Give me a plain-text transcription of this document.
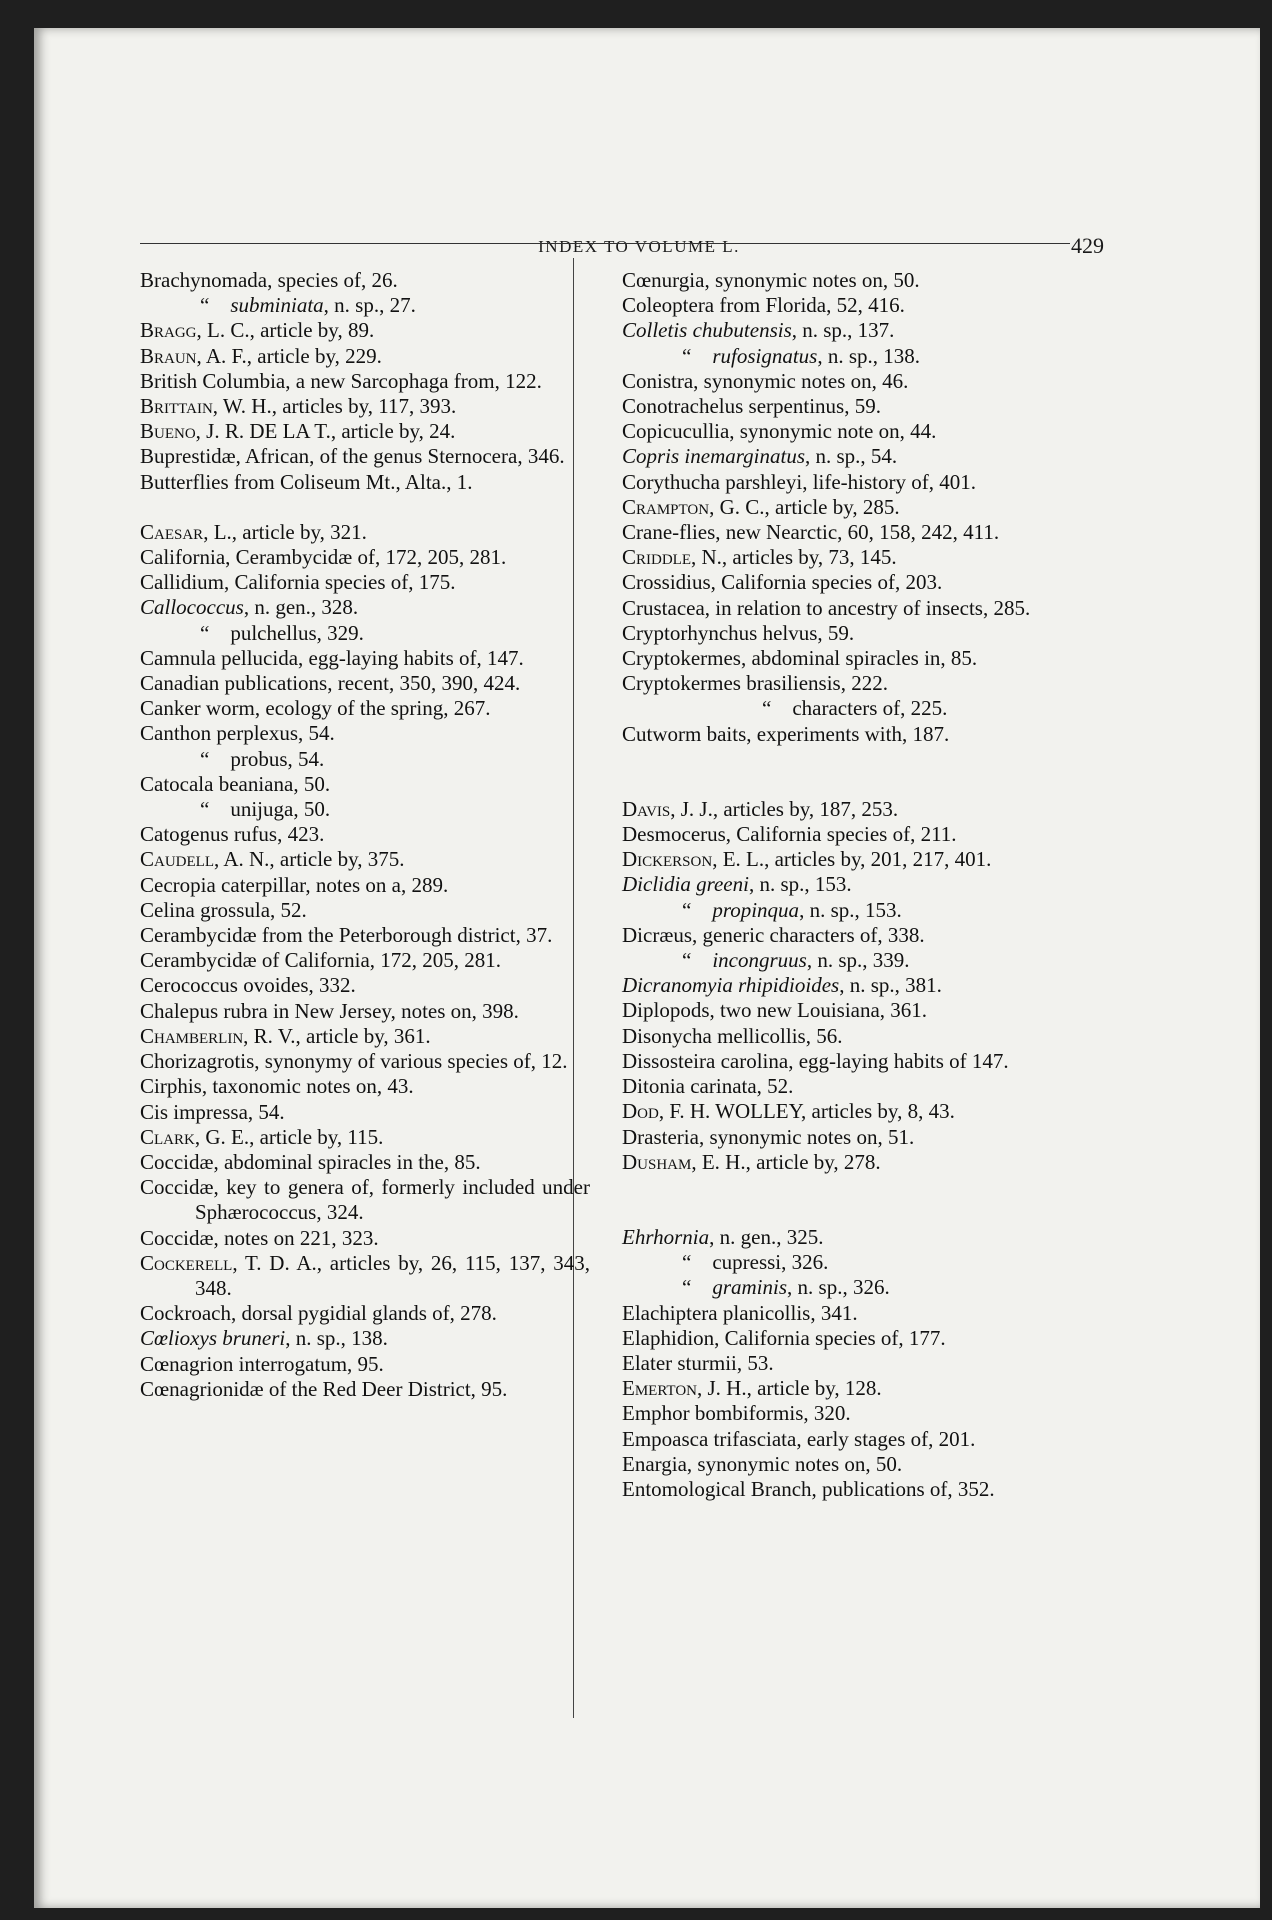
INDEX TO VOLUME L.	429
Brachynomada, species of, 26.
“ subminiata, n. sp., 27.
Bragg, L. C., article by, 89.
Braun, A. F., article by, 229.
British Columbia, a new Sarcophaga from, 122.
Brittain, W. H., articles by, 117, 393.
Bueno, J. R. DE LA T., article by, 24.
Buprestidæ, African, of the genus Sternocera, 346.
Butterflies from Coliseum Mt., Alta., 1.
Caesar, L., article by, 321.
California, Cerambycidæ of, 172, 205, 281.
Callidium, California species of, 175.
Callococcus, n. gen., 328.
“ pulchellus, 329.
Camnula pellucida, egg-laying habits of, 147.
Canadian publications, recent, 350, 390, 424.
Canker worm, ecology of the spring, 267.
Canthon perplexus, 54.
“ probus, 54.
Catocala beaniana, 50.
“ unijuga, 50.
Catogenus rufus, 423.
Caudell, A. N., article by, 375.
Cecropia caterpillar, notes on a, 289.
Celina grossula, 52.
Cerambycidæ from the Peterborough district, 37.
Cerambycidæ of California, 172, 205, 281.
Cerococcus ovoides, 332.
Chalepus rubra in New Jersey, notes on, 398.
Chamberlin, R. V., article by, 361.
Chorizagrotis, synonymy of various species of, 12.
Cirphis, taxonomic notes on, 43.
Cis impressa, 54.
Clark, G. E., article by, 115.
Coccidæ, abdominal spiracles in the, 85.
Coccidæ, key to genera of, formerly included under Sphærococcus, 324.
Coccidæ, notes on 221, 323.
Cockerell, T. D. A., articles by, 26, 115, 137, 343, 348.
Cockroach, dorsal pygidial glands of, 278.
Cœlioxys bruneri, n. sp., 138.
Cœnagrion interrogatum, 95.
Cœnagrionidæ of the Red Deer District, 95.
Cœnurgia, synonymic notes on, 50.
Coleoptera from Florida, 52, 416.
Colletis chubutensis, n. sp., 137.
“ rufosignatus, n. sp., 138.
Conistra, synonymic notes on, 46.
Conotrachelus serpentinus, 59.
Copicucullia, synonymic note on, 44.
Copris inemarginatus, n. sp., 54.
Corythucha parshleyi, life-history of, 401.
Crampton, G. C., article by, 285.
Crane-flies, new Nearctic, 60, 158, 242, 411.
Criddle, N., articles by, 73, 145.
Crossidius, California species of, 203.
Crustacea, in relation to ancestry of insects, 285.
Cryptorhynchus helvus, 59.
Cryptokermes, abdominal spiracles in, 85.
Cryptokermes brasiliensis, 222.
“ characters of, 225.
Cutworm baits, experiments with, 187.
Davis, J. J., articles by, 187, 253.
Desmocerus, California species of, 211.
Dickerson, E. L., articles by, 201, 217, 401.
Diclidia greeni, n. sp., 153.
“ propinqua, n. sp., 153.
Dicræus, generic characters of, 338.
“ incongruus, n. sp., 339.
Dicranomyia rhipidioides, n. sp., 381.
Diplopods, two new Louisiana, 361.
Disonycha mellicollis, 56.
Dissosteira carolina, egg-laying habits of 147.
Ditonia carinata, 52.
Dod, F. H. WOLLEY, articles by, 8, 43.
Drasteria, synonymic notes on, 51.
Dusham, E. H., article by, 278.
Ehrhornia, n. gen., 325.
“ cupressi, 326.
“ graminis, n. sp., 326.
Elachiptera planicollis, 341.
Elaphidion, California species of, 177.
Elater sturmii, 53.
Emerton, J. H., article by, 128.
Emphor bombiformis, 320.
Empoasca trifasciata, early stages of, 201.
Enargia, synonymic notes on, 50.
Entomological Branch, publications of, 352.
